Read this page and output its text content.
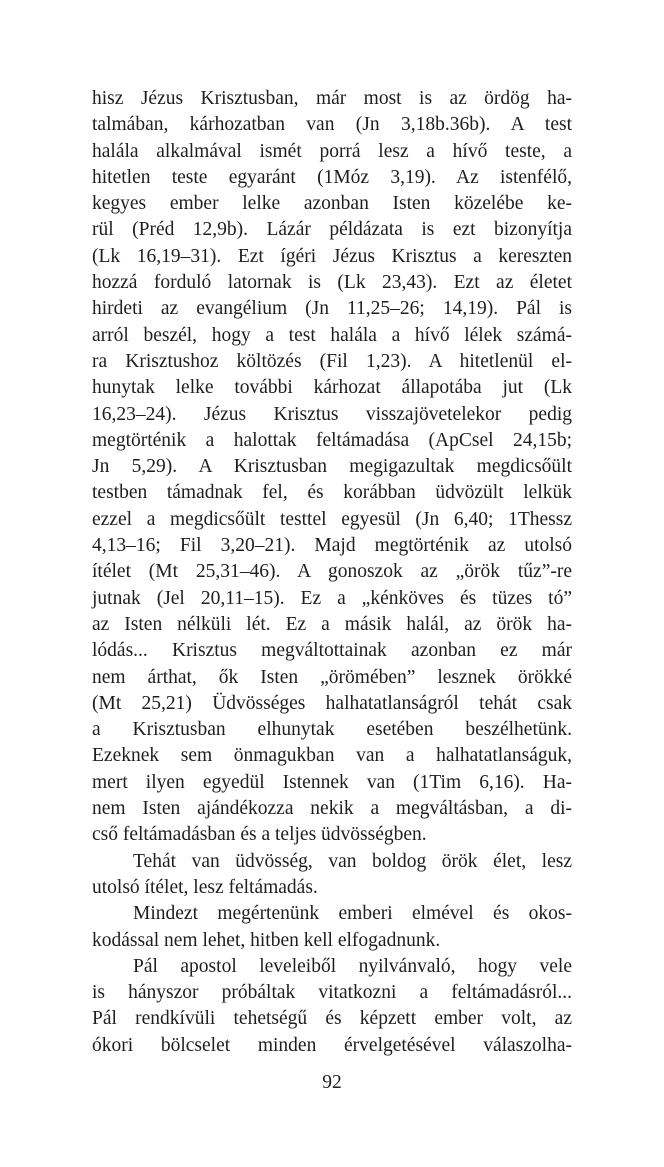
hisz Jézus Krisztusban, már most is az ördög ha-
talmában, kárhozatban van (Jn 3,18b.36b). A test
halála alkalmával ismét porrá lesz a hívő teste, a
hitetlen teste egyaránt (1Móz 3,19). Az istenfélő,
kegyes ember lelke azonban Isten közelébe ke-
rül (Préd 12,9b). Lázár példázata is ezt bizonyítja
(Lk 16,19–31). Ezt ígéri Jézus Krisztus a kereszten
hozzá forduló latornak is (Lk 23,43). Ezt az életet
hirdeti az evangélium (Jn 11,25–26; 14,19). Pál is
arról beszél, hogy a test halála a hívő lélek számá-
ra Krisztushoz költözés (Fil 1,23). A hitetlenül el-
hunytak lelke további kárhozat állapotába jut (Lk
16,23–24). Jézus Krisztus visszajövetelekor pedig
megtörténik a halottak feltámadása (ApCsel 24,15b;
Jn 5,29). A Krisztusban megigazultak megdicsőült
testben támadnak fel, és korábban üdvözült lelkük
ezzel a megdicsőült testtel egyesül (Jn 6,40; 1Thessz
4,13–16; Fil 3,20–21). Majd megtörténik az utolsó
ítélet (Mt 25,31–46). A gonoszok az „örök tűz”-re
jutnak (Jel 20,11–15). Ez a „kénköves és tüzes tó”
az Isten nélküli lét. Ez a másik halál, az örök ha-
lódás... Krisztus megváltottainak azonban ez már
nem árthat, ők Isten „örömében” lesznek örökké
(Mt 25,21) Üdvösséges halhatatlanságról tehát csak
a Krisztusban elhunytak esetében beszélhetünk.
Ezeknek sem önmagukban van a halhatatlanságuk,
mert ilyen egyedül Istennek van (1Tim 6,16). Ha-
nem Isten ajándékozza nekik a megváltásban, a di-
cső feltámadásban és a teljes üdvösségben.
Tehát van üdvösség, van boldog örök élet, lesz
utolsó ítélet, lesz feltámadás.
Mindezt megértenünk emberi elmével és okos-
kodással nem lehet, hitben kell elfogadnunk.
Pál apostol leveleiből nyilvánvaló, hogy vele
is hányszor próbáltak vitatkozni a feltámadásról...
Pál rendkívüli tehetségű és képzett ember volt, az
ókori bölcselet minden érvelgetésével válaszolha-
92
